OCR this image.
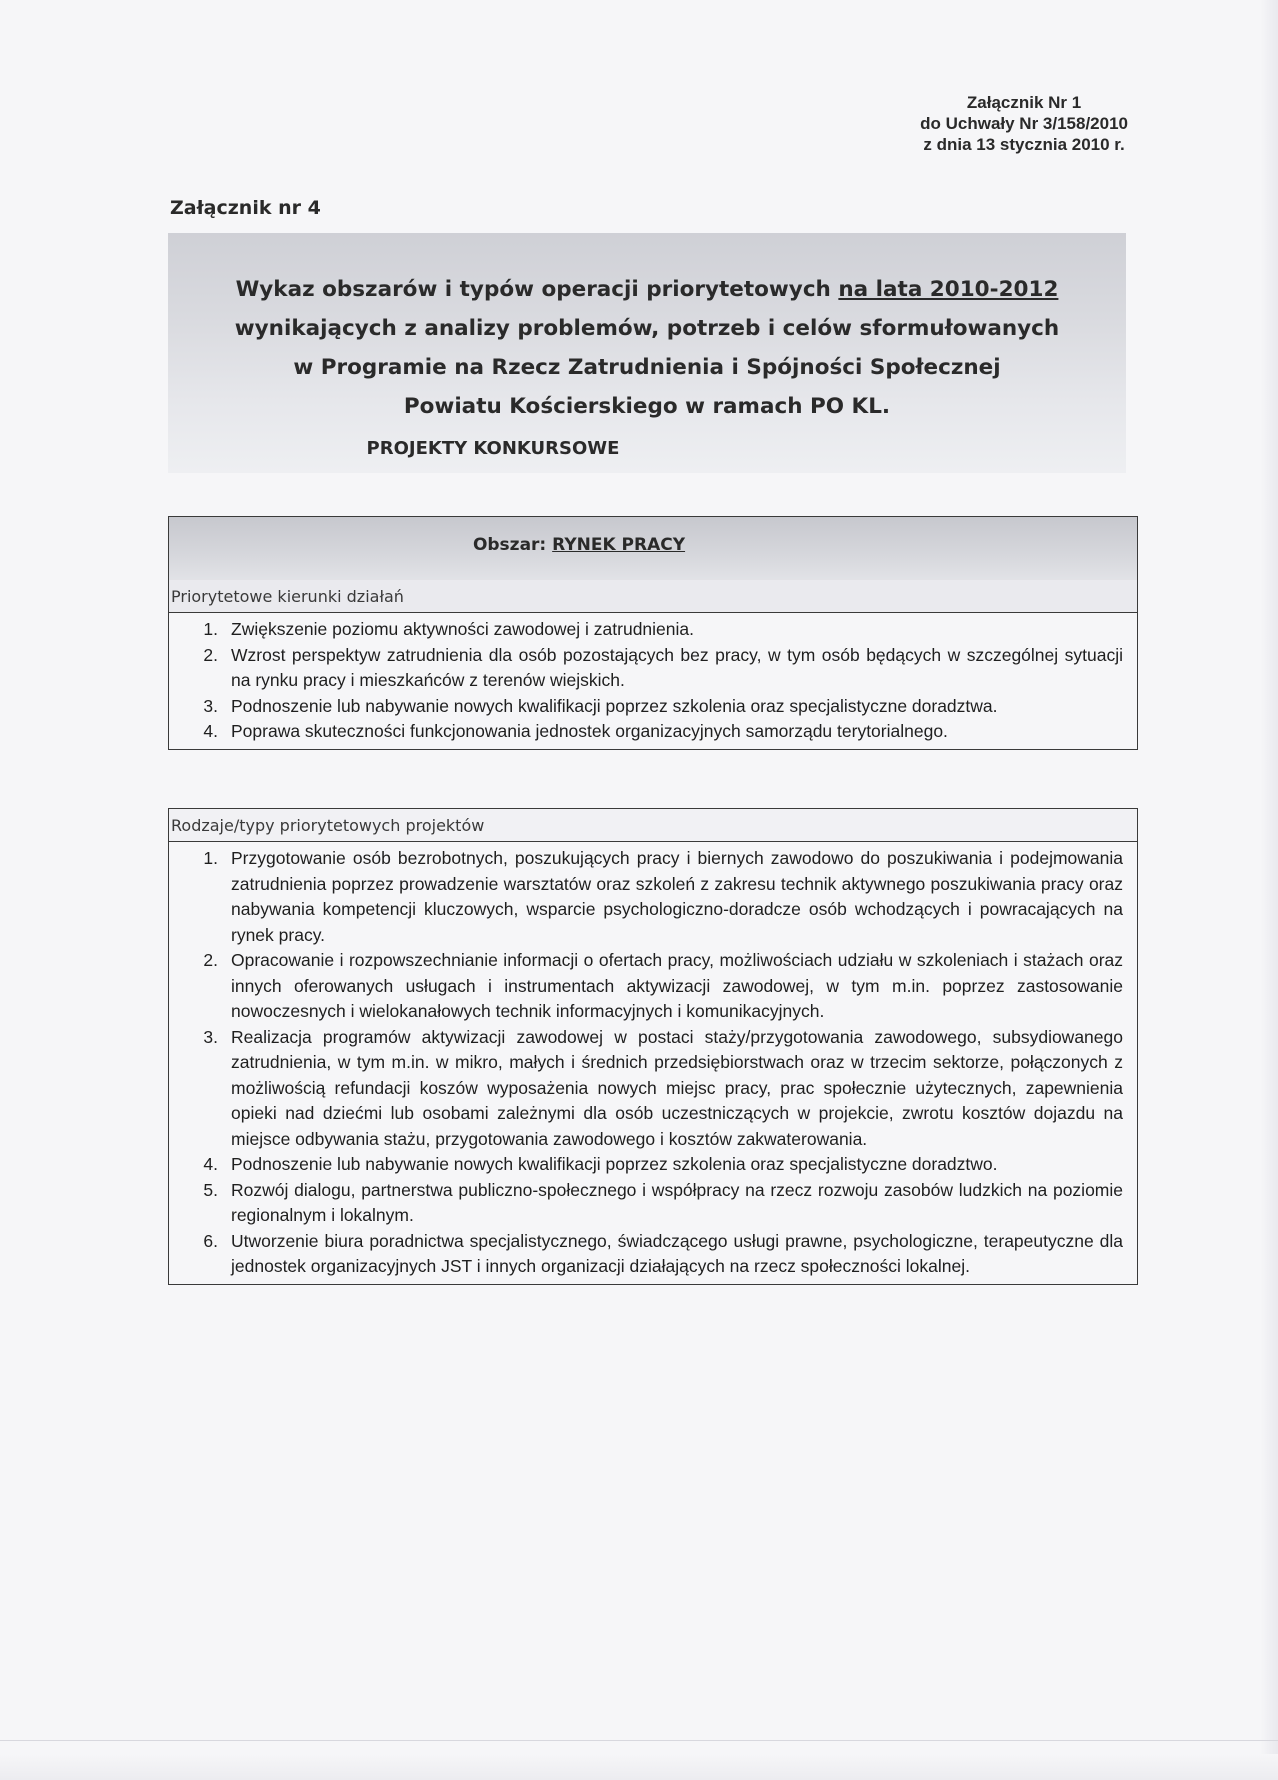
Załącznik Nr 1
do Uchwały Nr 3/158/2010
z dnia 13 stycznia 2010 r.
Załącznik nr 4
Wykaz obszarów i typów operacji priorytetowych na lata 2010-2012
wynikających z analizy problemów, potrzeb i celów sformułowanych
w Programie na Rzecz Zatrudnienia i Spójności Społecznej
Powiatu Kościerskiego w ramach PO KL.
PROJEKTY KONKURSOWE
Obszar: RYNEK PRACY
Priorytetowe kierunki działań
1. Zwiększenie poziomu aktywności zawodowej i zatrudnienia.
2. Wzrost perspektyw zatrudnienia dla osób pozostających bez pracy, w tym osób będących w szczególnej sytuacji na rynku pracy i mieszkańców z terenów wiejskich.
3. Podnoszenie lub nabywanie nowych kwalifikacji poprzez szkolenia oraz specjalistyczne doradztwa.
4. Poprawa skuteczności funkcjonowania jednostek organizacyjnych samorządu terytorialnego.
Rodzaje/typy priorytetowych projektów
1. Przygotowanie osób bezrobotnych, poszukujących pracy i biernych zawodowo do poszukiwania i podejmowania zatrudnienia poprzez prowadzenie warsztatów oraz szkoleń z zakresu technik aktywnego poszukiwania pracy oraz nabywania kompetencji kluczowych, wsparcie psychologiczno-doradcze osób wchodzących i powracających na rynek pracy.
2. Opracowanie i rozpowszechnianie informacji o ofertach pracy, możliwościach udziału w szkoleniach i stażach oraz innych oferowanych usługach i instrumentach aktywizacji zawodowej, w tym m.in. poprzez zastosowanie nowoczesnych i wielokanałowych technik informacyjnych i komunikacyjnych.
3. Realizacja programów aktywizacji zawodowej w postaci staży/przygotowania zawodowego, subsydiowanego zatrudnienia, w tym m.in. w mikro, małych i średnich przedsiębiorstwach oraz w trzecim sektorze, połączonych z możliwością refundacji koszów wyposażenia nowych miejsc pracy, prac społecznie użytecznych, zapewnienia opieki nad dziećmi lub osobami zależnymi dla osób uczestniczących w projekcie, zwrotu kosztów dojazdu na miejsce odbywania stażu, przygotowania zawodowego i kosztów zakwaterowania.
4. Podnoszenie lub nabywanie nowych kwalifikacji poprzez szkolenia oraz specjalistyczne doradztwo.
5. Rozwój dialogu, partnerstwa publiczno-społecznego i współpracy na rzecz rozwoju zasobów ludzkich na poziomie regionalnym i lokalnym.
6. Utworzenie biura poradnictwa specjalistycznego, świadczącego usługi prawne, psychologiczne, terapeutyczne dla jednostek organizacyjnych JST i innych organizacji działających na rzecz społeczności lokalnej.
